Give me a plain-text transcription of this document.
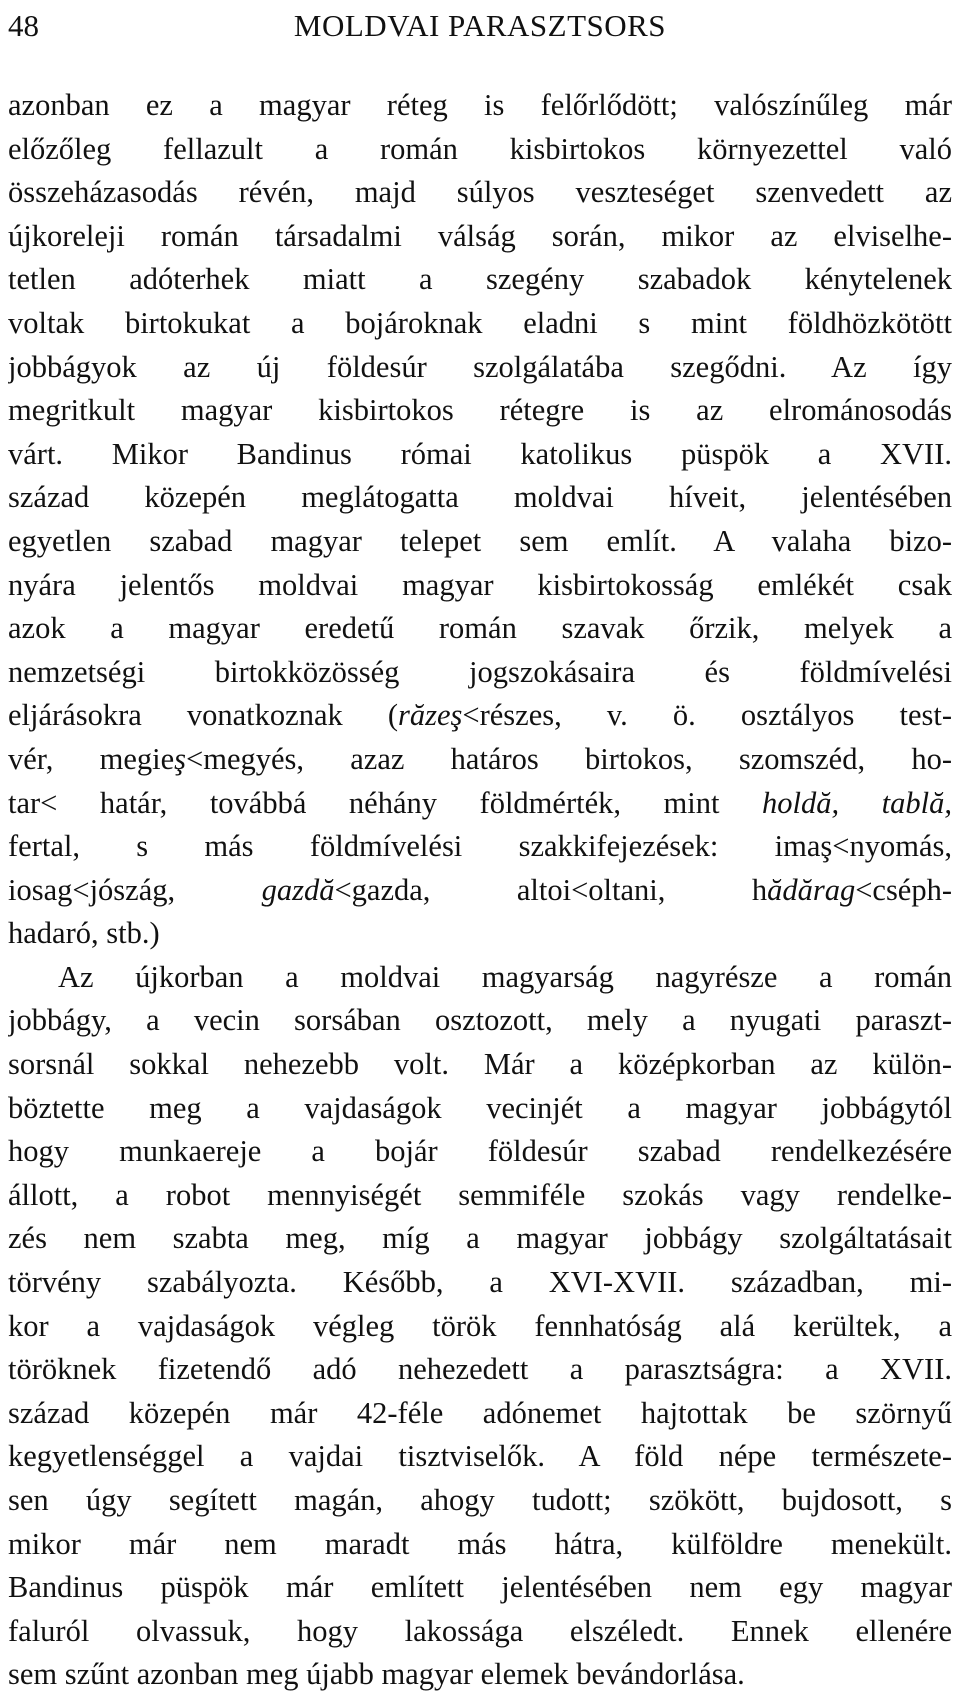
48	MOLDVAI PARASZTSORS
azonban ez a magyar réteg is felőrlődött; valószínűleg már
előzőleg fellazult a román kisbirtokos környezettel való
összeházasodás révén, majd súlyos veszteséget szenvedett az
újkoreleji román társadalmi válság során, mikor az elviselhe-
tetlen adóterhek miatt a szegény szabadok kénytelenek
voltak birtokukat a bojároknak eladni s mint földhözkötött
jobbágyok az új földesúr szolgálatába szegődni. Az így
megritkult magyar kisbirtokos rétegre is az elrománosodás
várt. Mikor Bandinus római katolikus püspök a XVII.
század közepén meglátogatta moldvai híveit, jelentésében
egyetlen szabad magyar telepet sem említ. A valaha bizo-
nyára jelentős moldvai magyar kisbirtokosság emlékét csak
azok a magyar eredetű román szavak őrzik, melyek a
nemzetségi birtokközösség jogszokásaira és földmívelési
eljárásokra vonatkoznak (răzeş<részes, v. ö. osztályos test-
vér, megieş<megyés, azaz határos birtokos, szomszéd, ho-
tar< határ, továbbá néhány földmérték, mint holdă, tablă,
fertal, s más földmívelési szakkifejezések: imaş<nyomás,
iosag<jószág, gazdă<gazda, altoi<oltani, hădărag<cséph-
hadaró, stb.)
Az újkorban a moldvai magyarság nagyrésze a román
jobbágy, a vecin sorsában osztozott, mely a nyugati paraszt-
sorsnál sokkal nehezebb volt. Már a középkorban az külön-
böztette meg a vajdaságok vecinjét a magyar jobbágytól
hogy munkaereje a bojár földesúr szabad rendelkezésére
állott, a robot mennyiségét semmiféle szokás vagy rendelke-
zés nem szabta meg, míg a magyar jobbágy szolgáltatásait
törvény szabályozta. Később, a XVI-XVII. században, mi-
kor a vajdaságok végleg török fennhatóság alá kerültek, a
töröknek fizetendő adó nehezedett a parasztságra: a XVII.
század közepén már 42-féle adónemet hajtottak be szörnyű
kegyetlenséggel a vajdai tisztviselők. A föld népe természete-
sen úgy segített magán, ahogy tudott; szökött, bujdosott, s
mikor már nem maradt más hátra, külföldre menekült.
Bandinus püspök már említett jelentésében nem egy magyar
faluról olvassuk, hogy lakossága elszéledt. Ennek ellenére
sem szűnt azonban meg újabb magyar elemek bevándorlása.
